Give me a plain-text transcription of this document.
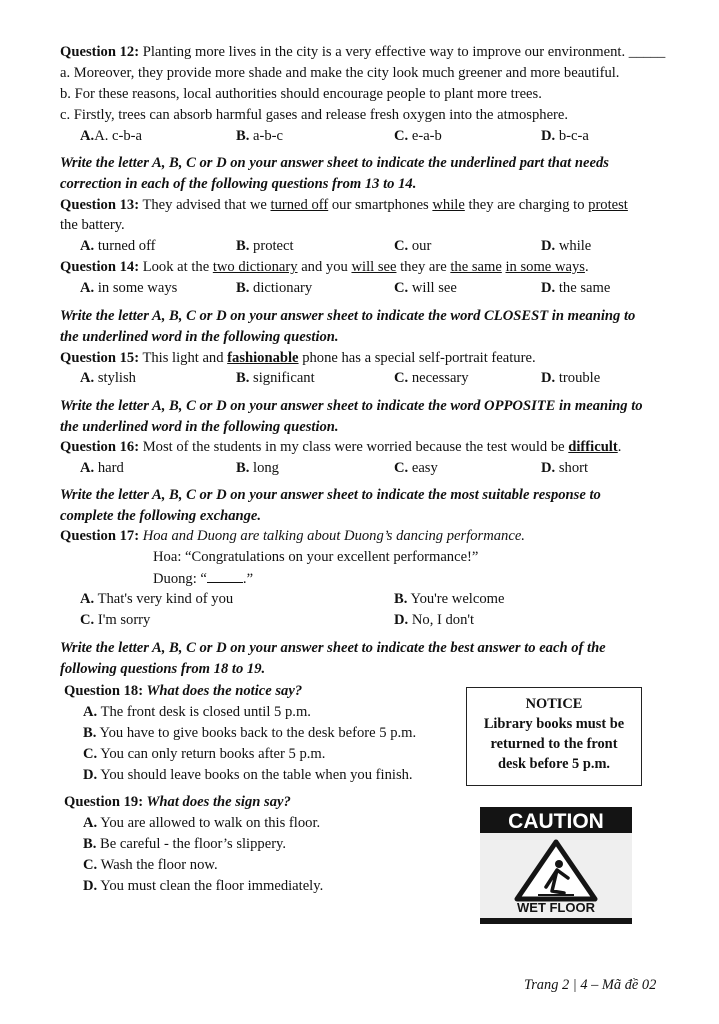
Question 12: Planting more lives in the city is a very effective way to improve our environment. _____
a. Moreover, they provide more shade and make the city look much greener and more beautiful.
b. For these reasons, local authorities should encourage people to plant more trees.
c. Firstly, trees can absorb harmful gases and release fresh oxygen into the atmosphere.
A.A. c-b-a	B. a-b-c	C. e-a-b	D. b-c-a
Write the letter A, B, C or D on your answer sheet to indicate the underlined part that needs
correction in each of the following questions from 13 to 14.
Question 13: They advised that we turned off our smartphones while they are charging to protest
the battery.
A. turned off	B. protect	C. our	D. while
Question 14: Look at the two dictionary and you will see they are the same in some ways.
A. in some ways	B. dictionary	C. will see	D. the same
Write the letter A, B, C or D on your answer sheet to indicate the word CLOSEST in meaning to
the underlined word in the following question.
Question 15: This light and fashionable phone has a special self-portrait feature.
A. stylish	B. significant	C. necessary	D. trouble
Write the letter A, B, C or D on your answer sheet to indicate the word OPPOSITE in meaning to
the underlined word in the following question.
Question 16: Most of the students in my class were worried because the test would be difficult.
A. hard	B. long	C. easy	D. short
Write the letter A, B, C or D on your answer sheet to indicate the most suitable response to
complete the following exchange.
Question 17: Hoa and Duong are talking about Duong’s dancing performance.
Hoa: “Congratulations on your excellent performance!”
Duong: “ .”
A. That's very kind of you	B. You're welcome
C. I'm sorry	D. No, I don't
Write the letter A, B, C or D on your answer sheet to indicate the best answer to each of the
following questions from 18 to 19.
Question 18: What does the notice say?
A. The front desk is closed until 5 p.m.
B. You have to give books back to the desk before 5 p.m.
C. You can only return books after 5 p.m.
D. You should leave books on the table when you finish.
NOTICE
Library books must be
returned to the front
desk before 5 p.m.
Question 19: What does the sign say?
A. You are allowed to walk on this floor.
B. Be careful - the floor’s slippery.
C. Wash the floor now.
D. You must clean the floor immediately.
CAUTION
WET FLOOR
Trang 2 | 4 – Mã đề 02
